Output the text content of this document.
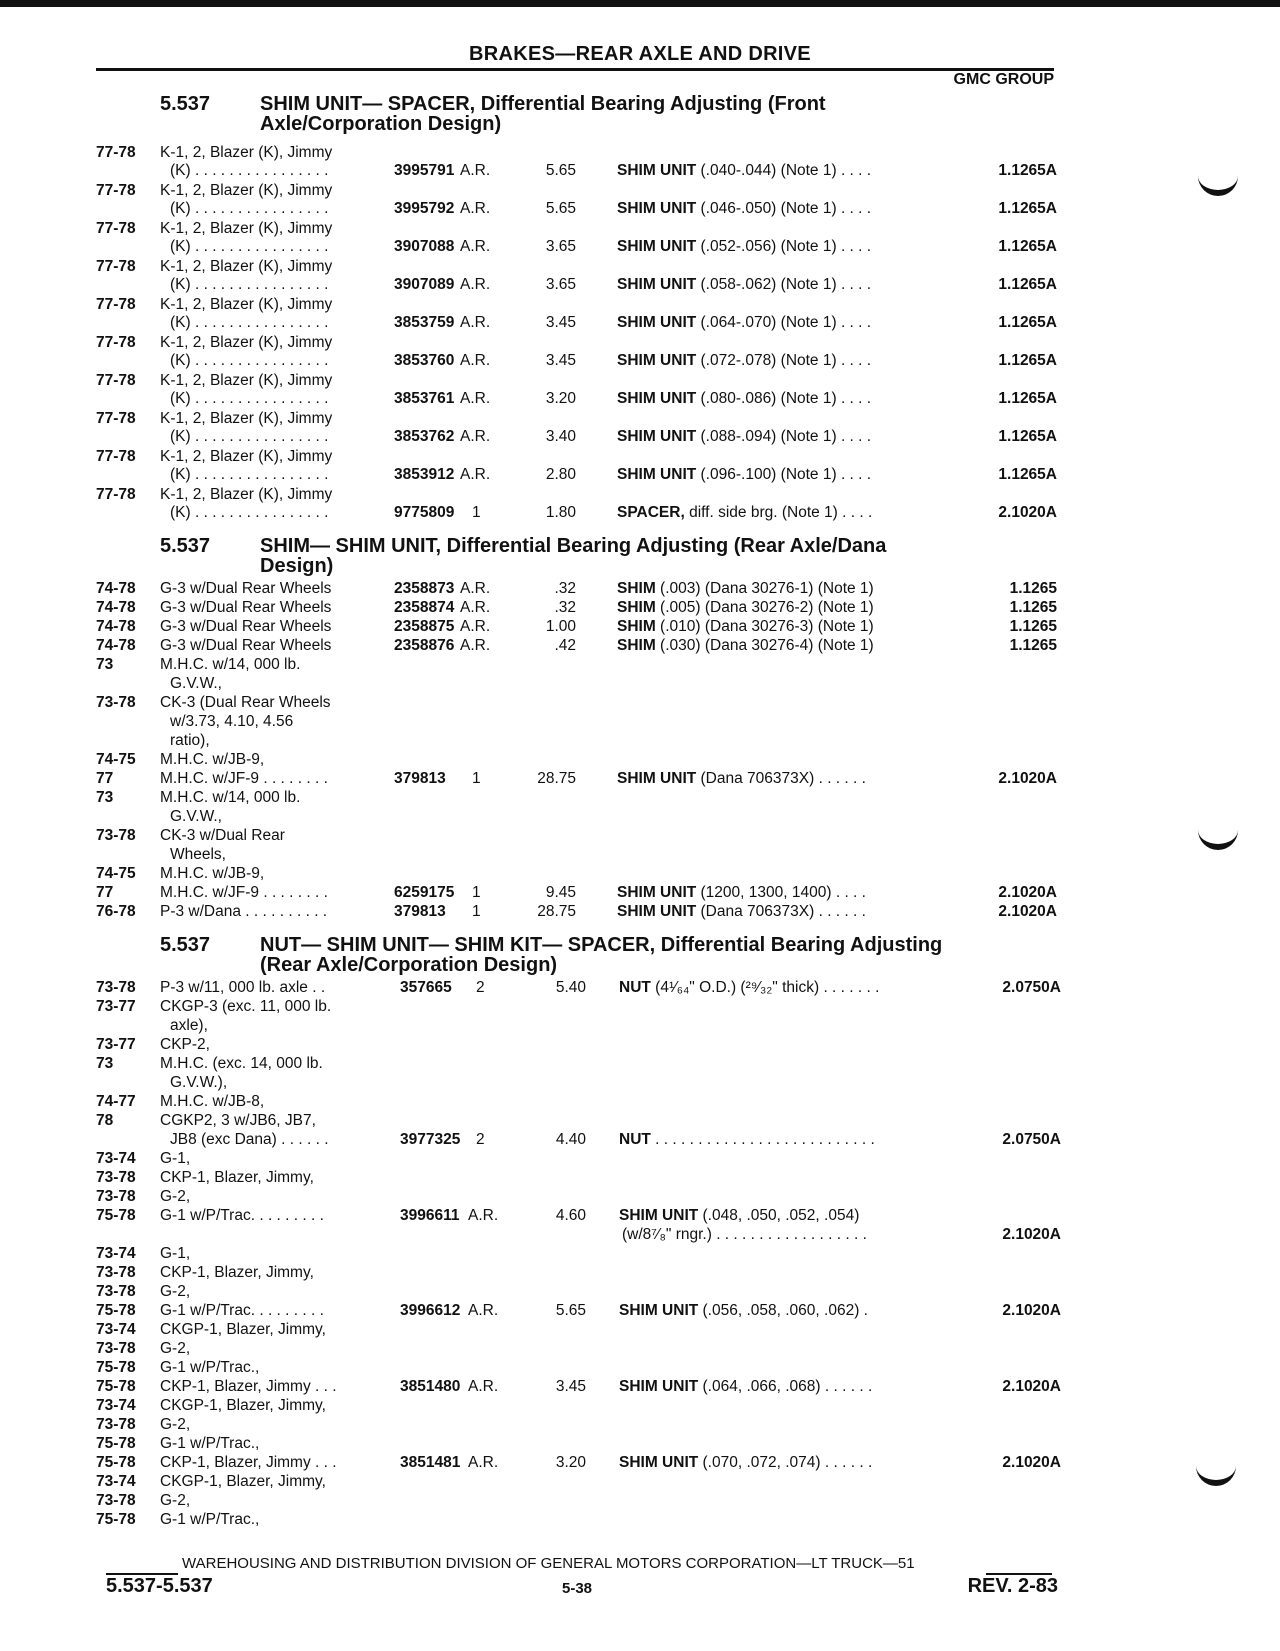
BRAKES—REAR AXLE AND DRIVE
GMC GROUP
5.537 SHIM UNIT— SPACER, Differential Bearing Adjusting (Front
Axle/Corporation Design)
5.537 SHIM— SHIM UNIT, Differential Bearing Adjusting (Rear Axle/Dana
Design)
5.537 NUT— SHIM UNIT— SHIM KIT— SPACER, Differential Bearing Adjusting
(Rear Axle/Corporation Design)
77-78 K-1, 2, Blazer (K), Jimmy
(K) . . . . . . . . . . . . . . . .	3995791 A.R.	5.65	SHIM UNIT (.040-.044) (Note 1) . . . .	1.1265A
77-78 K-1, 2, Blazer (K), Jimmy
(K) . . . . . . . . . . . . . . . .	3995792 A.R.	5.65	SHIM UNIT (.046-.050) (Note 1) . . . .	1.1265A
77-78 K-1, 2, Blazer (K), Jimmy
(K) . . . . . . . . . . . . . . . .	3907088 A.R.	3.65	SHIM UNIT (.052-.056) (Note 1) . . . .	1.1265A
77-78 K-1, 2, Blazer (K), Jimmy
(K) . . . . . . . . . . . . . . . .	3907089 A.R.	3.65	SHIM UNIT (.058-.062) (Note 1) . . . .	1.1265A
77-78 K-1, 2, Blazer (K), Jimmy
(K) . . . . . . . . . . . . . . . .	3853759 A.R.	3.45	SHIM UNIT (.064-.070) (Note 1) . . . .	1.1265A
77-78 K-1, 2, Blazer (K), Jimmy
(K) . . . . . . . . . . . . . . . .	3853760 A.R.	3.45	SHIM UNIT (.072-.078) (Note 1) . . . .	1.1265A
77-78 K-1, 2, Blazer (K), Jimmy
(K) . . . . . . . . . . . . . . . .	3853761 A.R.	3.20	SHIM UNIT (.080-.086) (Note 1) . . . .	1.1265A
77-78 K-1, 2, Blazer (K), Jimmy
(K) . . . . . . . . . . . . . . . .	3853762 A.R.	3.40	SHIM UNIT (.088-.094) (Note 1) . . . .	1.1265A
77-78 K-1, 2, Blazer (K), Jimmy
(K) . . . . . . . . . . . . . . . .	3853912 A.R.	2.80	SHIM UNIT (.096-.100) (Note 1) . . . .	1.1265A
77-78 K-1, 2, Blazer (K), Jimmy
(K) . . . . . . . . . . . . . . . .	9775809 1	1.80	SPACER, diff. side brg. (Note 1) . . . .	2.1020A
74-78 G-3 w/Dual Rear Wheels	2358873 A.R.	.32	SHIM (.003) (Dana 30276-1) (Note 1)	1.1265
74-78 G-3 w/Dual Rear Wheels	2358874 A.R.	.32	SHIM (.005) (Dana 30276-2) (Note 1)	1.1265
74-78 G-3 w/Dual Rear Wheels	2358875 A.R.	1.00	SHIM (.010) (Dana 30276-3) (Note 1)	1.1265
74-78 G-3 w/Dual Rear Wheels	2358876 A.R.	.42	SHIM (.030) (Dana 30276-4) (Note 1)	1.1265
73	M.H.C. w/14, 000 lb.
G.V.W.,
73-78 CK-3 (Dual Rear Wheels
w/3.73, 4.10, 4.56
ratio),
74-75 M.H.C. w/JB-9,
77	M.H.C. w/JF-9 . . . . . . . .	379813 1	28.75	SHIM UNIT (Dana 706373X) . . . . . .	2.1020A
73	M.H.C. w/14, 000 lb.
G.V.W.,
73-78 CK-3 w/Dual Rear
Wheels,
74-75 M.H.C. w/JB-9,
77	M.H.C. w/JF-9 . . . . . . . .	6259175 1	9.45	SHIM UNIT (1200, 1300, 1400) . . . .	2.1020A
76-78 P-3 w/Dana . . . . . . . . . .	379813 1	28.75	SHIM UNIT (Dana 706373X) . . . . . .	2.1020A
73-78 P-3 w/11, 000 lb. axle . .	357665 2	5.40 NUT (4¹⁄₆₄" O.D.) (²⁹⁄₃₂" thick) . . . . . . .	2.0750A
73-77 CKGP-3 (exc. 11, 000 lb.
axle),
73-77 CKP-2,
73	M.H.C. (exc. 14, 000 lb.
G.V.W.),
74-77 M.H.C. w/JB-8,
78	CGKP2, 3 w/JB6, JB7,
JB8 (exc Dana) . . . . . .	3977325 2	4.40 NUT . . . . . . . . . . . . . . . . . . . . . . . . . .	2.0750A
73-74 G-1,
73-78 CKP-1, Blazer, Jimmy,
73-78 G-2,
75-78 G-1 w/P/Trac. . . . . . . . .	3996611 A.R.	4.60 SHIM UNIT (.048, .050, .052, .054)
(w/8⁷⁄₈" rngr.) . . . . . . . . . . . . . . . . . .	2.1020A
73-74 G-1,
73-78 CKP-1, Blazer, Jimmy,
73-78 G-2,
75-78 G-1 w/P/Trac. . . . . . . . .	3996612 A.R.	5.65 SHIM UNIT (.056, .058, .060, .062) .	2.1020A
73-74 CKGP-1, Blazer, Jimmy,
73-78 G-2,
75-78 G-1 w/P/Trac.,
75-78 CKP-1, Blazer, Jimmy . . .	3851480 A.R.	3.45 SHIM UNIT (.064, .066, .068) . . . . . .	2.1020A
73-74 CKGP-1, Blazer, Jimmy,
73-78 G-2,
75-78 G-1 w/P/Trac.,
75-78 CKP-1, Blazer, Jimmy . . .	3851481 A.R.	3.20 SHIM UNIT (.070, .072, .074) . . . . . .	2.1020A
73-74 CKGP-1, Blazer, Jimmy,
73-78 G-2,
75-78 G-1 w/P/Trac.,
WAREHOUSING AND DISTRIBUTION DIVISION OF GENERAL MOTORS CORPORATION—LT TRUCK—51
5.537-5.537	5-38	REV. 2-83
